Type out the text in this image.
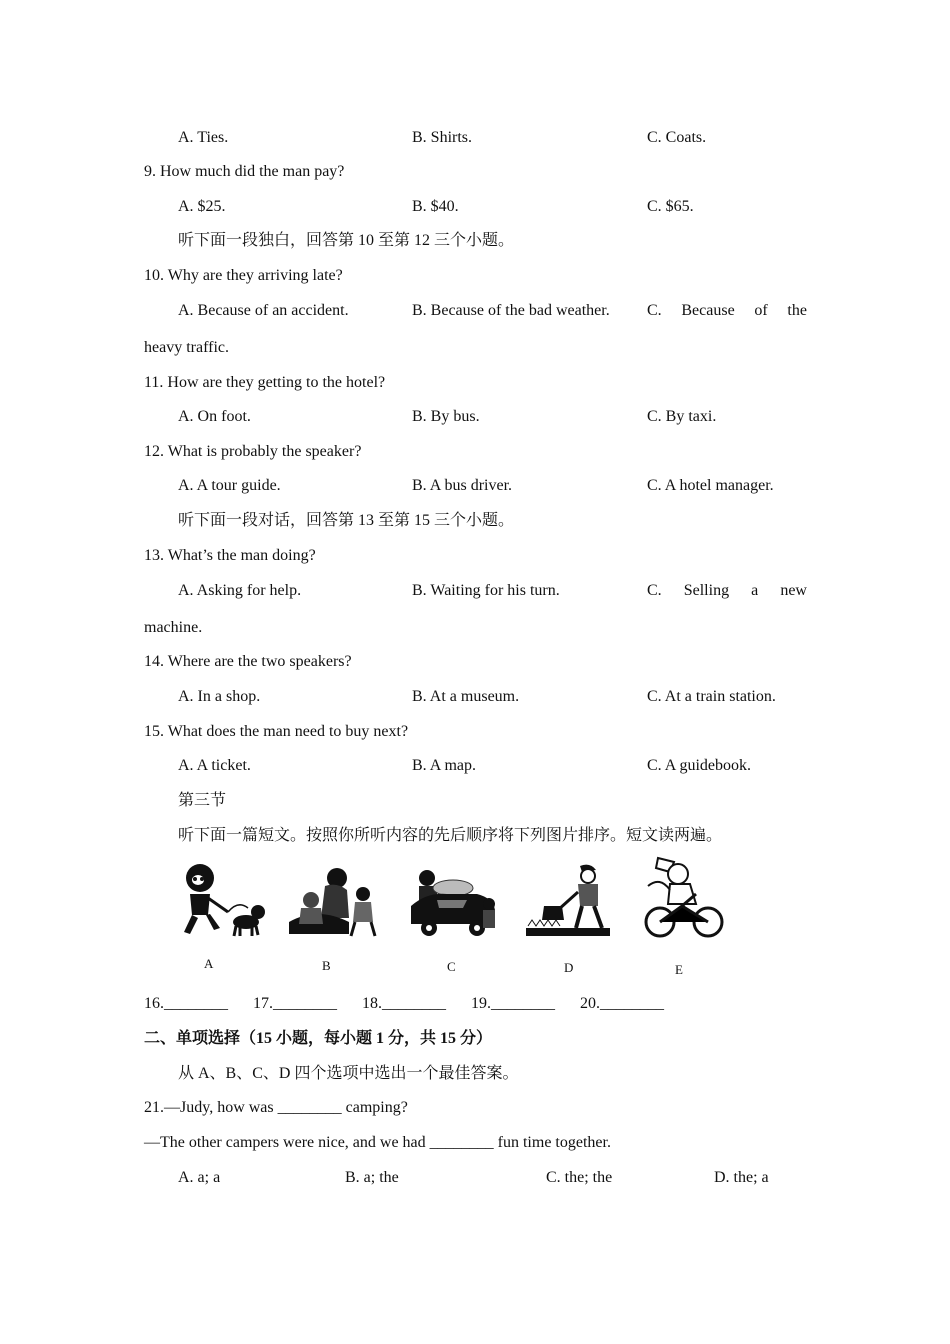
A. Ties.	B. Shirts.	C. Coats.
9. How much did the man pay?
A. $25.	B. $40.	C. $65.
听下面一段独白，回答第 10 至第 12 三个小题。
10. Why are they arriving late?
A. Because of an accident.	B. Because of the bad weather. C. Because of the
heavy traffic.
11. How are they getting to the hotel?
A. On foot.	B. By bus.	C. By taxi.
12. What is probably the speaker?
A. A tour guide.	B. A bus driver.	C. A hotel manager.
听下面一段对话，回答第 13 至第 15 三个小题。
13. What’s the man doing?
A. Asking for help.	B. Waiting for his turn.	C. Selling a new
machine.
14. Where are the two speakers?
A. In a shop.	B. At a museum.	C. At a train station.
15. What does the man need to buy next?
A. A ticket.	B. A map.	C. A guidebook.
第三节
听下面一篇短文。按照你所听内容的先后顺序将下列图片排序。短文读两遍。
A	B	C	D	E
16.________ 17.________ 18.________ 19.________ 20.________
二、单项选择（15 小题，每小题 1 分，共 15 分）
从 A、B、C、D 四个选项中选出一个最佳答案。
21.—Judy, how was ________ camping?
—The other campers were nice, and we had ________ fun time together.
A. a; a	B. a; the	C. the; the	D. the; a
